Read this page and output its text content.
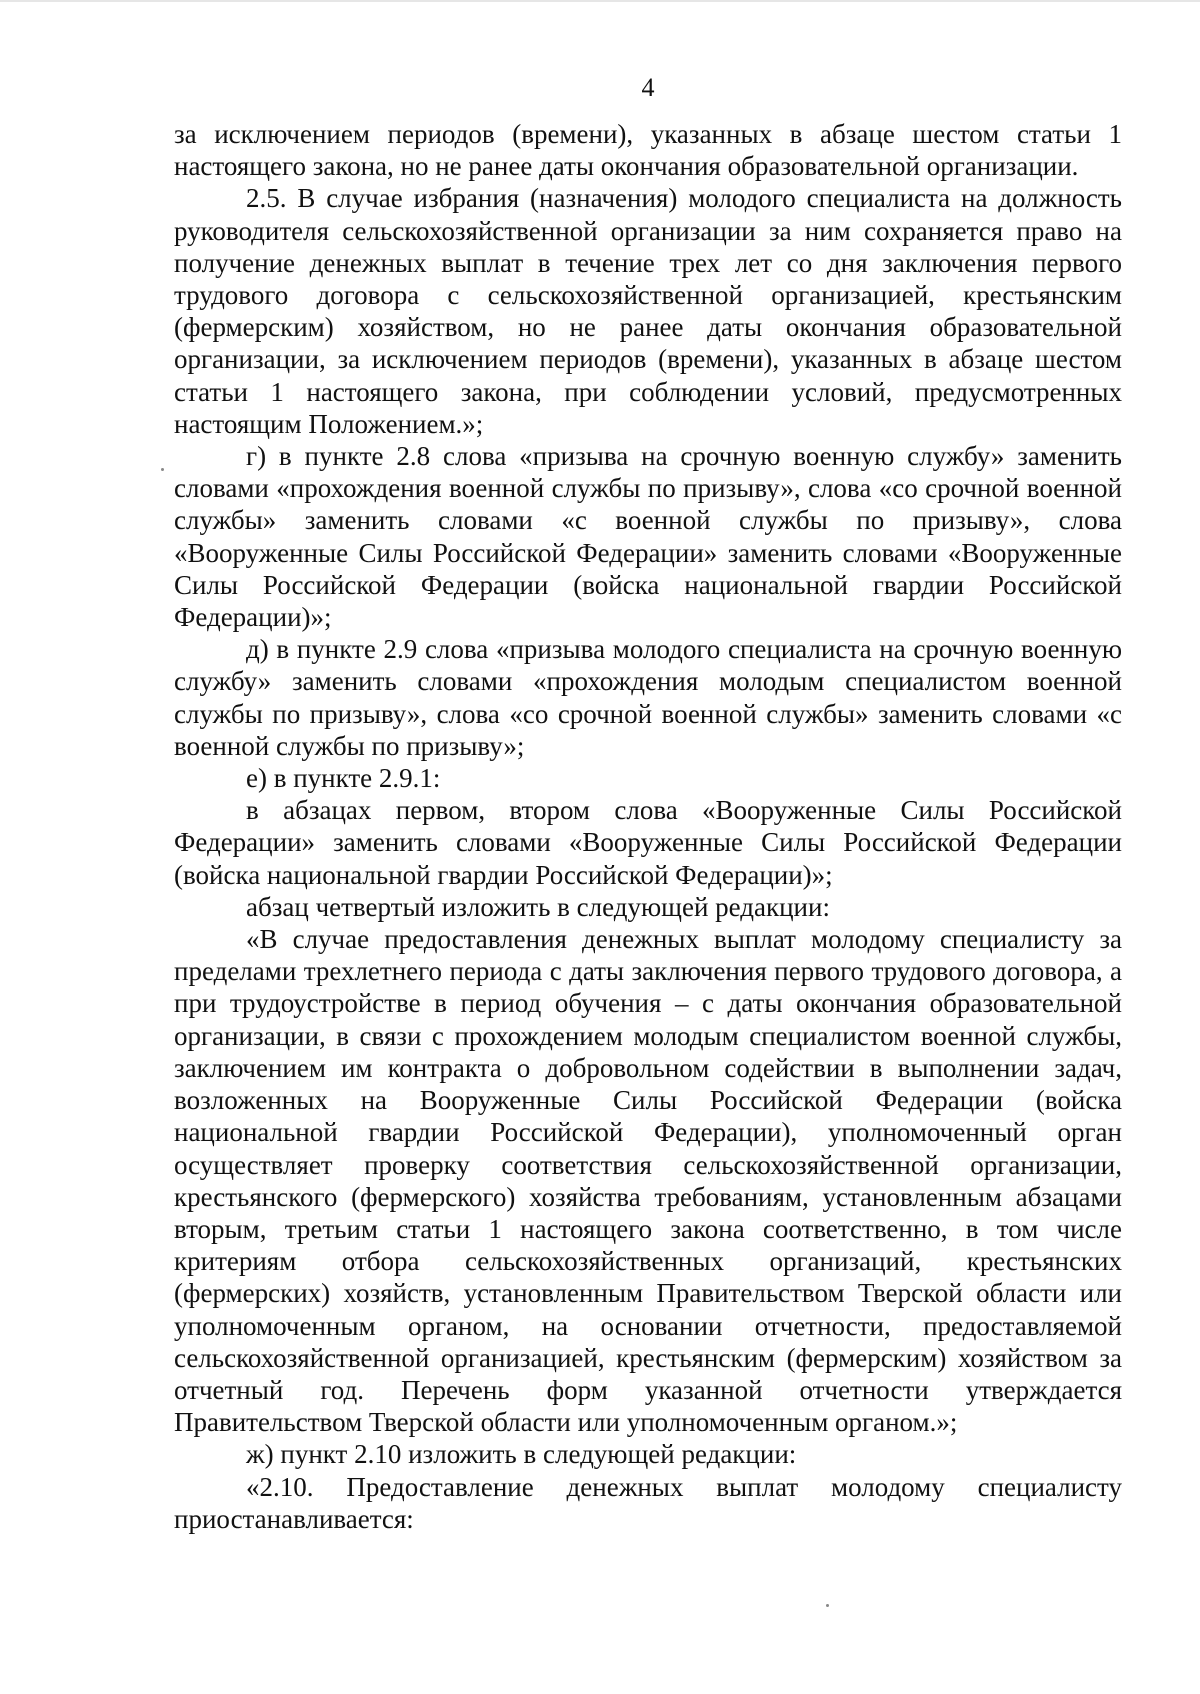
4

за исключением периодов (времени), указанных в абзаце шестом статьи 1 настоящего закона, но не ранее даты окончания образовательной организации.

2.5. В случае избрания (назначения) молодого специалиста на должность руководителя сельскохозяйственной организации за ним сохраняется право на получение денежных выплат в течение трех лет со дня заключения первого трудового договора с сельскохозяйственной организацией, крестьянским (фермерским) хозяйством, но не ранее даты окончания образовательной организации, за исключением периодов (времени), указанных в абзаце шестом статьи 1 настоящего закона, при соблюдении условий, предусмотренных настоящим Положением.»;

г) в пункте 2.8 слова «призыва на срочную военную службу» заменить словами «прохождения военной службы по призыву», слова «со срочной военной службы» заменить словами «с военной службы по призыву», слова «Вооруженные Силы Российской Федерации» заменить словами «Вооруженные Силы Российской Федерации (войска национальной гвардии Российской Федерации)»;

д) в пункте 2.9 слова «призыва молодого специалиста на срочную военную службу» заменить словами «прохождения молодым специалистом военной службы по призыву», слова «со срочной военной службы» заменить словами «с военной службы по призыву»;

е) в пункте 2.9.1:

в абзацах первом, втором слова «Вооруженные Силы Российской Федерации» заменить словами «Вооруженные Силы Российской Федерации (войска национальной гвардии Российской Федерации)»;

абзац четвертый изложить в следующей редакции:

«В случае предоставления денежных выплат молодому специалисту за пределами трехлетнего периода с даты заключения первого трудового договора, а при трудоустройстве в период обучения – с даты окончания образовательной организации, в связи с прохождением молодым специалистом военной службы, заключением им контракта о добровольном содействии в выполнении задач, возложенных на Вооруженные Силы Российской Федерации (войска национальной гвардии Российской Федерации), уполномоченный орган осуществляет проверку соответствия сельскохозяйственной организации, крестьянского (фермерского) хозяйства требованиям, установленным абзацами вторым, третьим статьи 1 настоящего закона соответственно, в том числе критериям отбора сельскохозяйственных организаций, крестьянских (фермерских) хозяйств, установленным Правительством Тверской области или уполномоченным органом, на основании отчетности, предоставляемой сельскохозяйственной организацией, крестьянским (фермерским) хозяйством за отчетный год. Перечень форм указанной отчетности утверждается Правительством Тверской области или уполномоченным органом.»;

ж) пункт 2.10 изложить в следующей редакции:

«2.10. Предоставление денежных выплат молодому специалисту приостанавливается:
